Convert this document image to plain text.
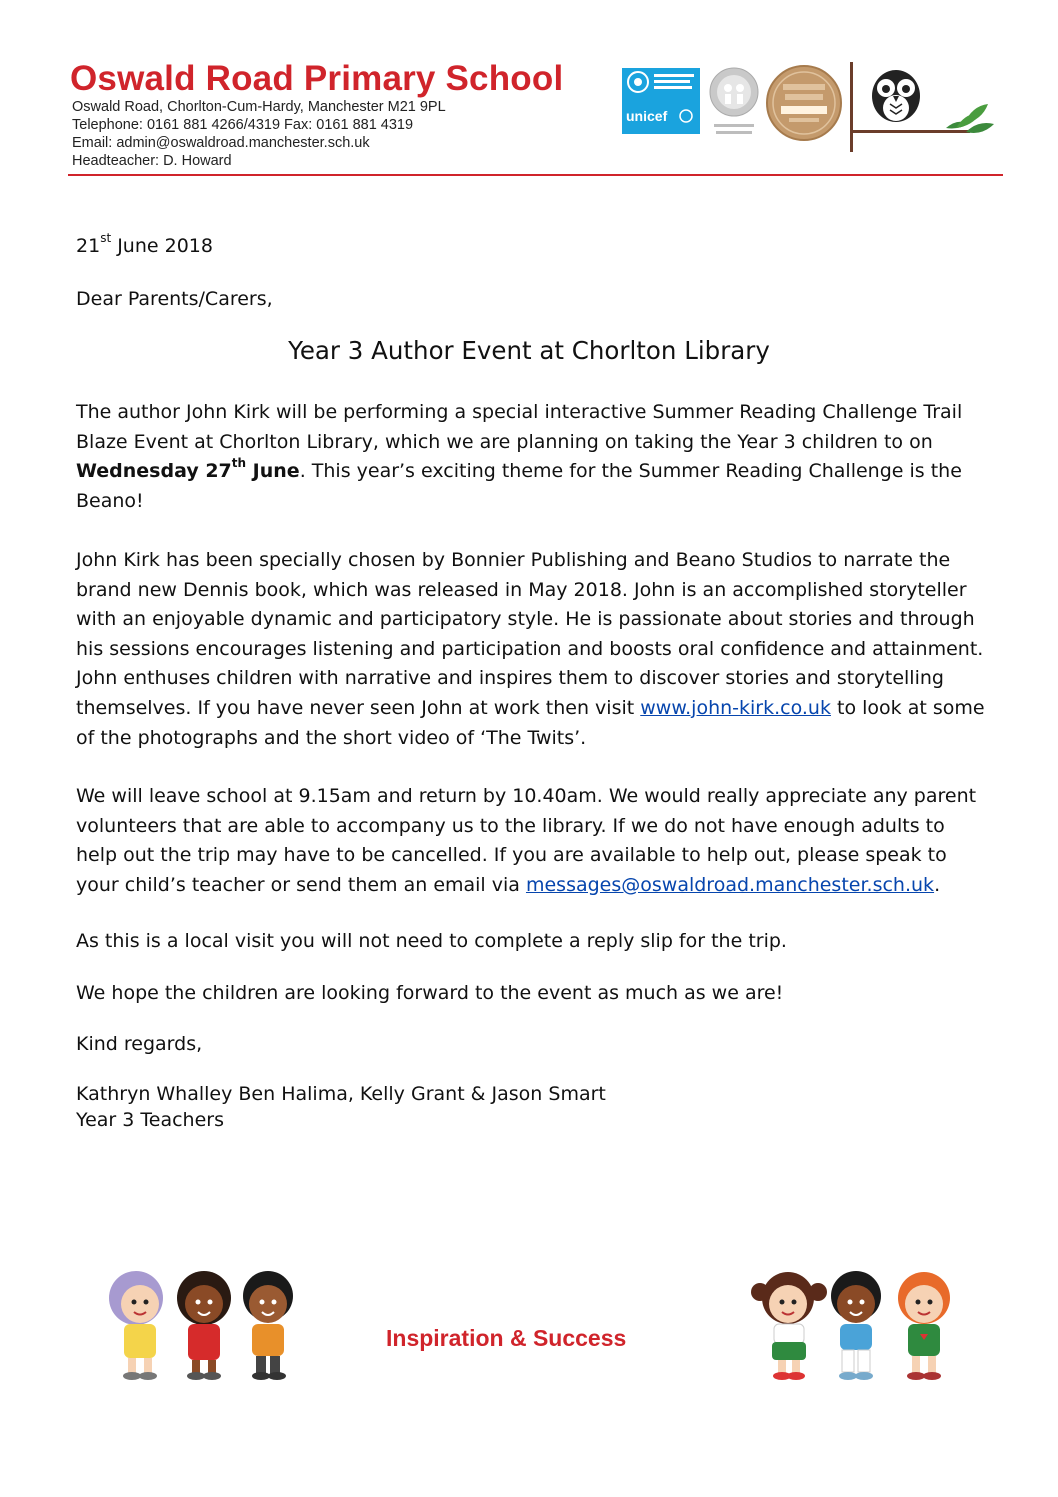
Oswald Road Primary School
Oswald Road, Chorlton-Cum-Hardy, Manchester M21 9PL
Telephone: 0161 881 4266/4319 Fax: 0161 881 4319
Email: admin@oswaldroad.manchester.sch.uk
Headteacher: D. Howard
unicef
21st June 2018
Dear Parents/Carers,
Year 3 Author Event at Chorlton Library

The author John Kirk will be performing a special interactive Summer Reading Challenge Trail Blaze Event at Chorlton Library, which we are planning on taking the Year 3 children to on Wednesday 27th June. This year’s exciting theme for the Summer Reading Challenge is the Beano!

John Kirk has been specially chosen by Bonnier Publishing and Beano Studios to narrate the brand new Dennis book, which was released in May 2018. John is an accomplished storyteller with an enjoyable dynamic and participatory style. He is passionate about stories and through his sessions encourages listening and participation and boosts oral confidence and attainment. John enthuses children with narrative and inspires them to discover stories and storytelling themselves. If you have never seen John at work then visit www.john-kirk.co.uk to look at some of the photographs and the short video of ‘The Twits’.

We will leave school at 9.15am and return by 10.40am. We would really appreciate any parent volunteers that are able to accompany us to the library. If we do not have enough adults to help out the trip may have to be cancelled. If you are available to help out, please speak to your child’s teacher or send them an email via messages@oswaldroad.manchester.sch.uk.

As this is a local visit you will not need to complete a reply slip for the trip.
We hope the children are looking forward to the event as much as we are!
Kind regards,
Kathryn Whalley Ben Halima, Kelly Grant & Jason Smart
Year 3 Teachers
Inspiration & Success
